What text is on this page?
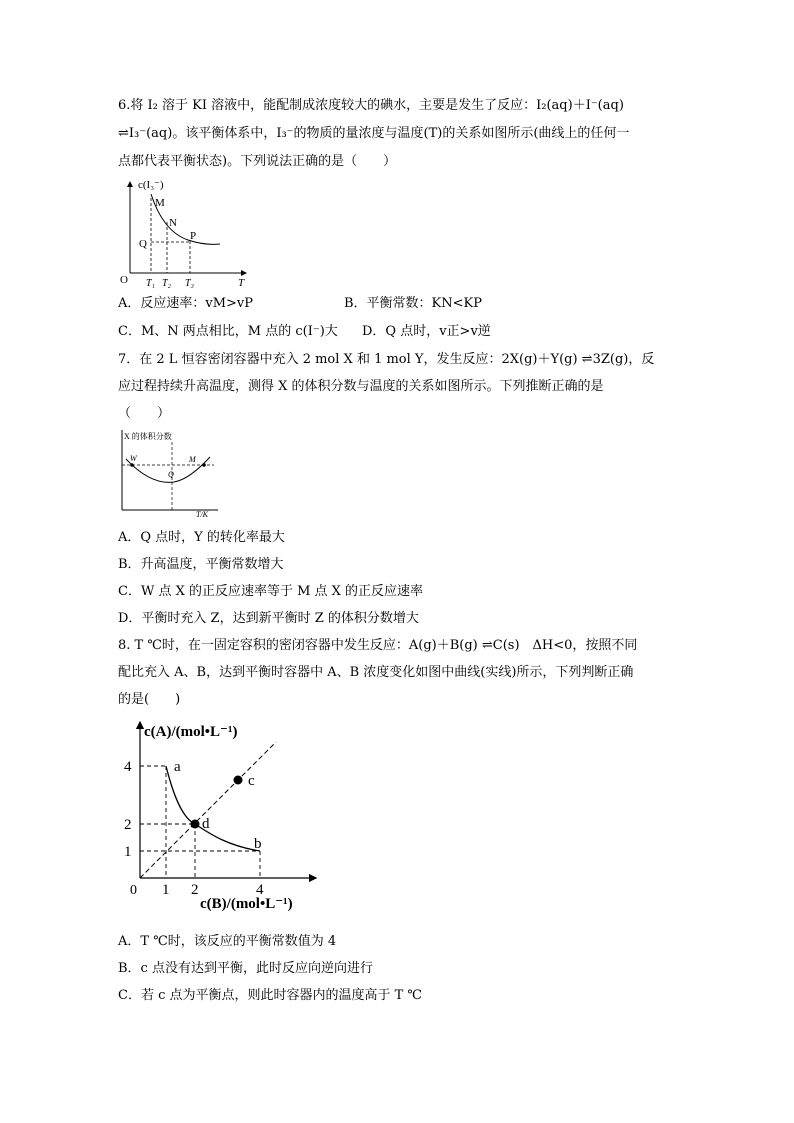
6.将 I₂ 溶于 KI 溶液中，能配制成浓度较大的碘水，主要是发生了反应：I₂(aq)＋I⁻(aq)
⇌I₃⁻(aq)。该平衡体系中，I₃⁻的物质的量浓度与温度(T)的关系如图所示(曲线上的任何一
点都代表平衡状态)。下列说法正确的是（　　）
c(I₃⁻)
O	T
M
N
P
Q
T₁ T₂ T₃
A．反应速率：vM>vP	B．平衡常数：KN<KP
C．M、N 两点相比，M 点的 c(I⁻)大 D．Q 点时，v正>v逆
7．在 2 L 恒容密闭容器中充入 2 mol X 和 1 mol Y，发生反应：2X(g)＋Y(g) ⇌3Z(g)，反
应过程持续升高温度，测得 X 的体积分数与温度的关系如图所示。下列推断正确的是
（　　）
X 的体积分数
T/K
W	M
Q
A．Q 点时，Y 的转化率最大
B．升高温度，平衡常数增大
C．W 点 X 的正反应速率等于 M 点 X 的正反应速率
D．平衡时充入 Z，达到新平衡时 Z 的体积分数增大
8. T ℃时，在一固定容积的密闭容器中发生反应：A(g)＋B(g) ⇌C(s)　ΔH<0，按照不同
配比充入 A、B，达到平衡时容器中 A、B 浓度变化如图中曲线(实线)所示，下列判断正确
的是(　　)
c(A)/(mol•L⁻¹)
c(B)/(mol•L⁻¹)
0
4
2
1
1 2	4
a
b
c
d
A．T ℃时，该反应的平衡常数值为 4
B．c 点没有达到平衡，此时反应向逆向进行
C．若 c 点为平衡点，则此时容器内的温度高于 T ℃
